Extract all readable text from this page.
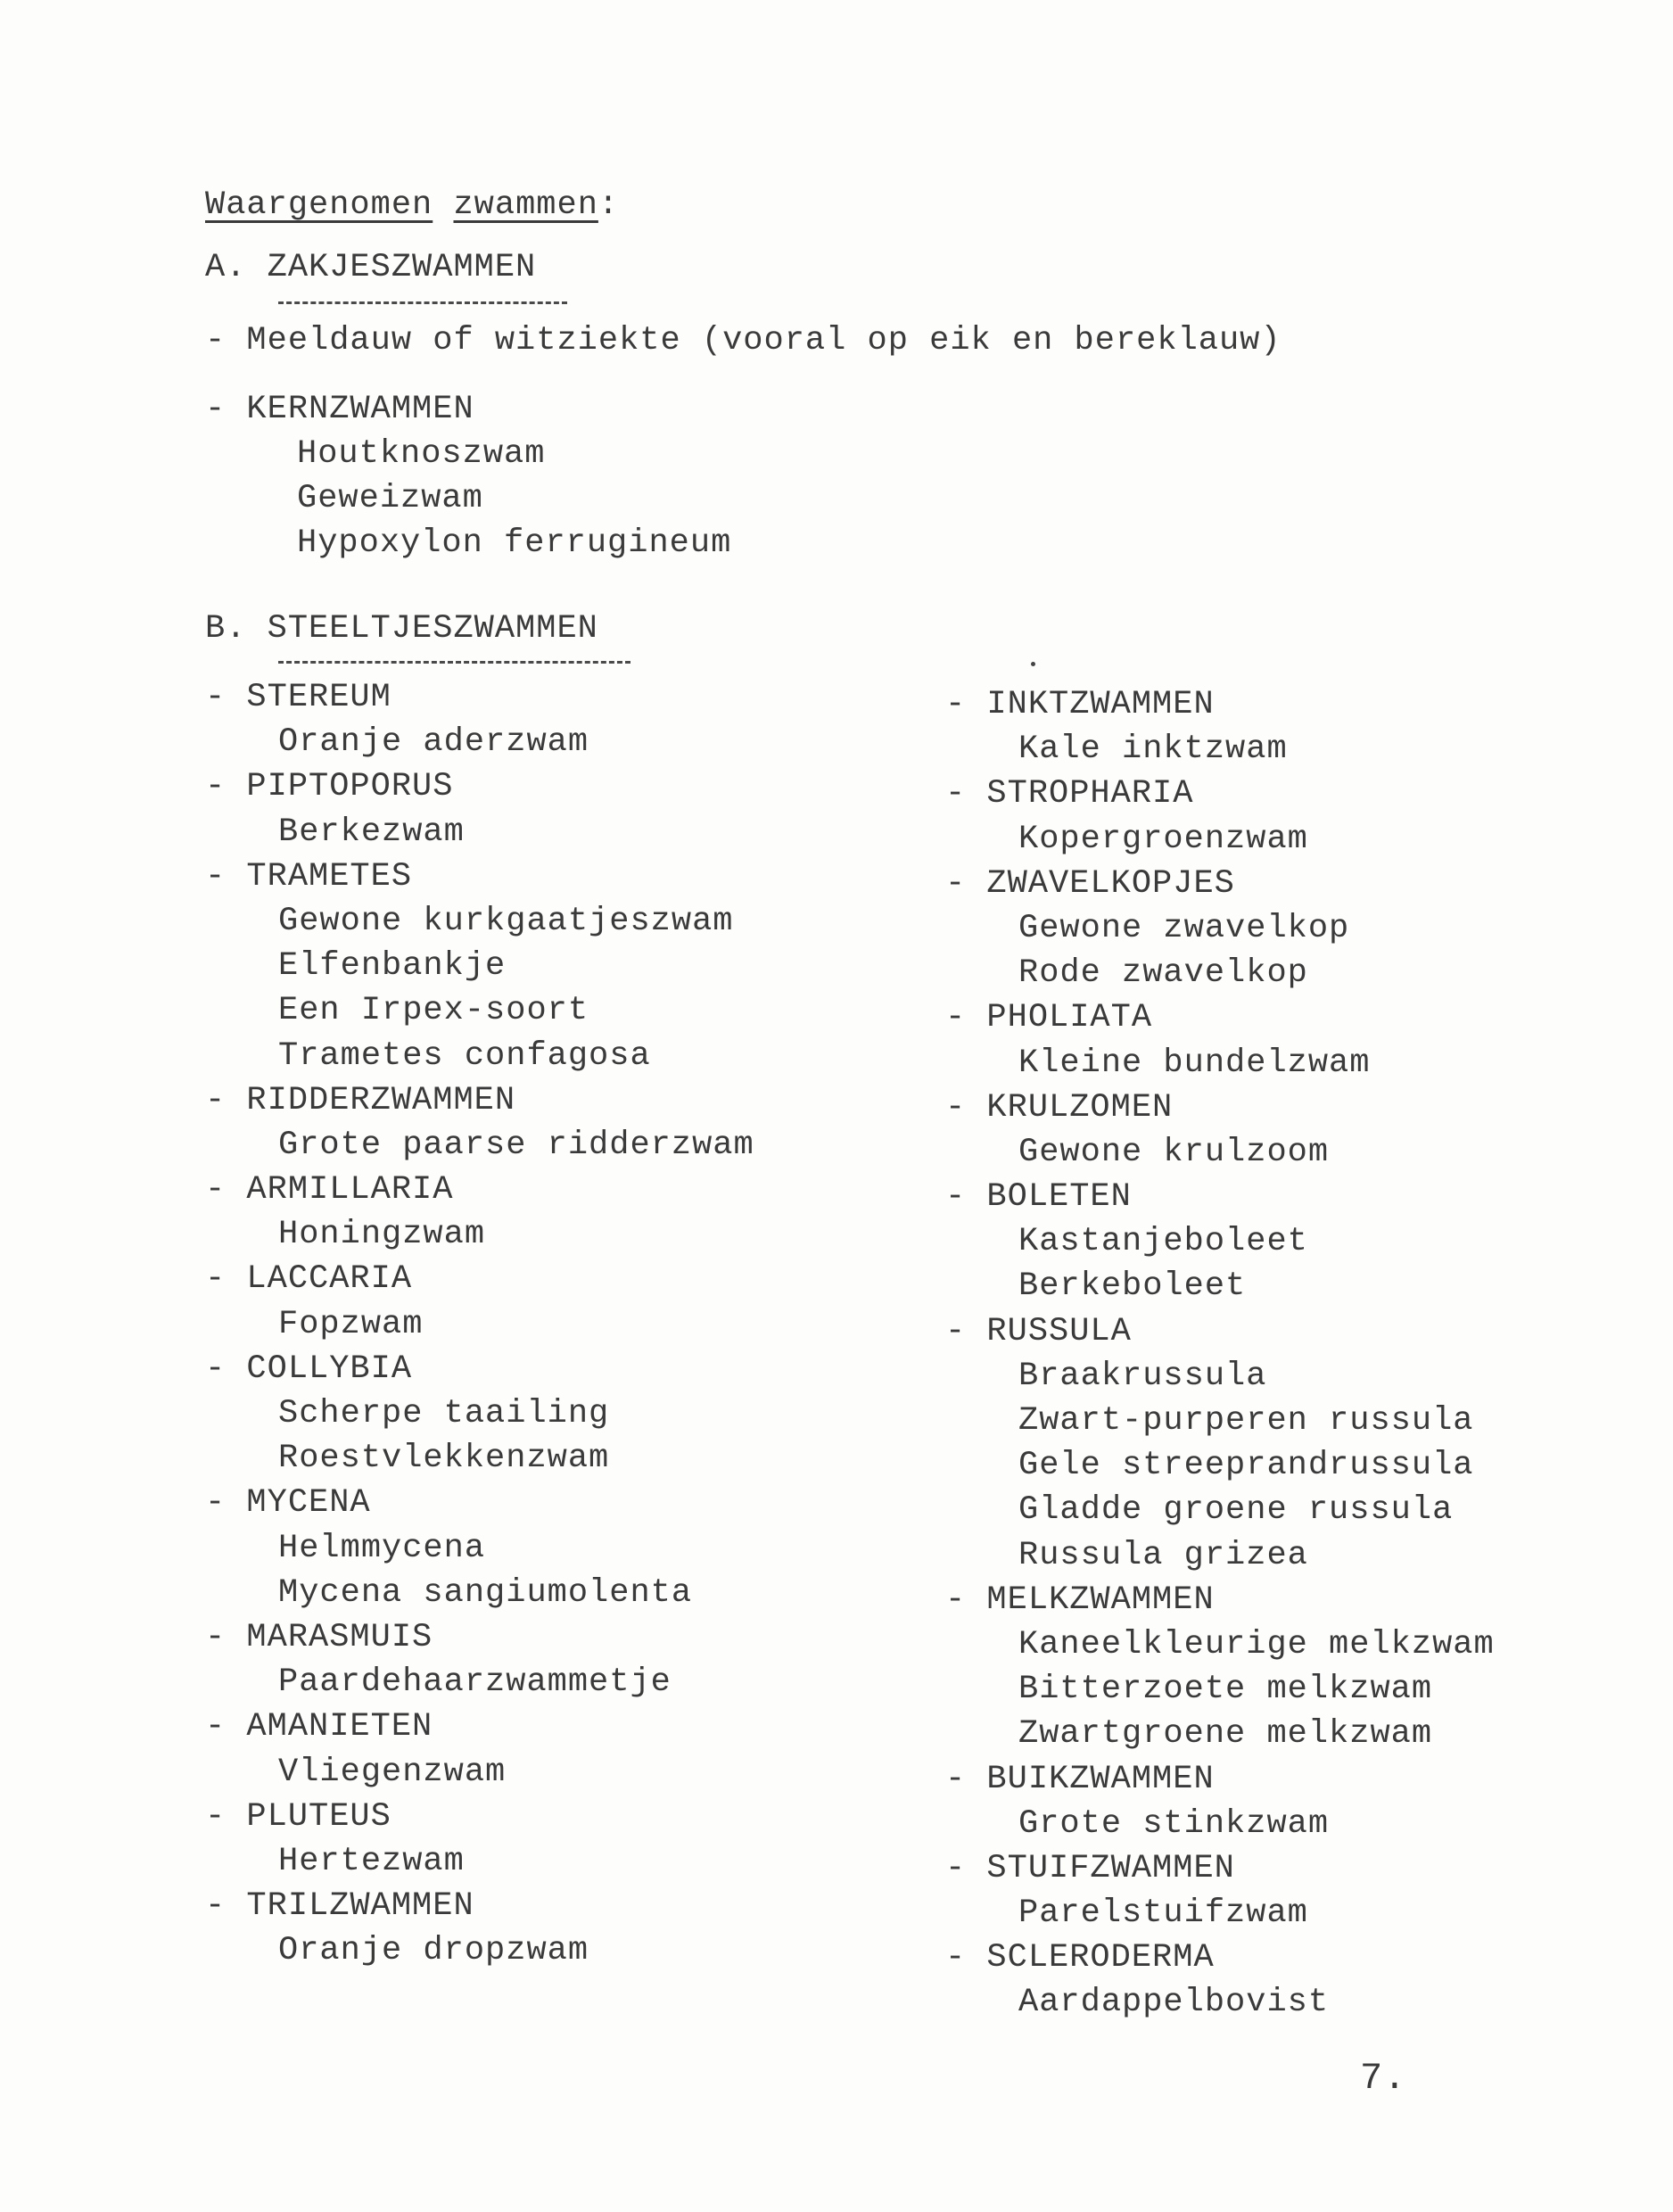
Waargenomen zwammen:
A. ZAKJESZWAMMEN
- Meeldauw of witziekte (vooral op eik en bereklauw)
- KERNZWAMMEN
Houtknoszwam
Geweizwam
Hypoxylon ferrugineum
B. STEELTJESZWAMMEN
- STEREUM
Oranje aderzwam
- PIPTOPORUS
Berkezwam
- TRAMETES
Gewone kurkgaatjeszwam
Elfenbankje
Een Irpex-soort
Trametes confagosa
- RIDDERZWAMMEN
Grote paarse ridderzwam
- ARMILLARIA
Honingzwam
- LACCARIA
Fopzwam
- COLLYBIA
Scherpe taailing
Roestvlekkenzwam
- MYCENA
Helmmycena
Mycena sangiumolenta
- MARASMUIS
Paardehaarzwammetje
- AMANIETEN
Vliegenzwam
- PLUTEUS
Hertezwam
- TRILZWAMMEN
Oranje dropzwam
- INKTZWAMMEN
Kale inktzwam
- STROPHARIA
Kopergroenzwam
- ZWAVELKOPJES
Gewone zwavelkop
Rode zwavelkop
- PHOLIATA
Kleine bundelzwam
- KRULZOMEN
Gewone krulzoom
- BOLETEN
Kastanjeboleet
Berkeboleet
- RUSSULA
Braakrussula
Zwart-purperen russula
Gele streeprandrussula
Gladde groene russula
Russula grizea
- MELKZWAMMEN
Kaneelkleurige melkzwam
Bitterzoete melkzwam
Zwartgroene melkzwam
- BUIKZWAMMEN
Grote stinkzwam
- STUIFZWAMMEN
Parelstuifzwam
- SCLERODERMA
Aardappelbovist
7.
